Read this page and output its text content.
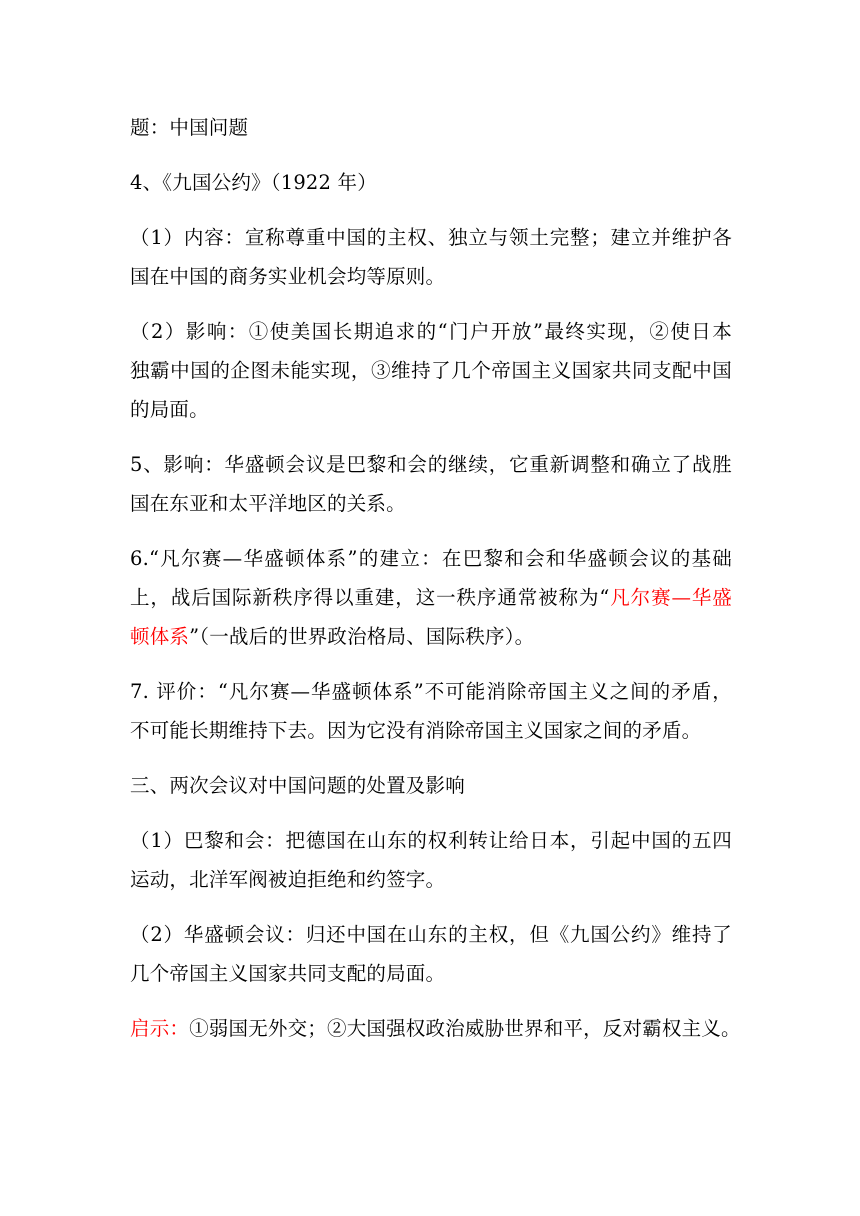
题：中国问题
4、《九国公约》（1922 年）
（1）内容：宣称尊重中国的主权、独立与领土完整；建立并维护各
国在中国的商务实业机会均等原则。
（2）影响：①使美国长期追求的“门户开放”最终实现，②使日本
独霸中国的企图未能实现，③维持了几个帝国主义国家共同支配中国
的局面。
5、影响：华盛顿会议是巴黎和会的继续，它重新调整和确立了战胜
国在东亚和太平洋地区的关系。
6.“凡尔赛—华盛顿体系”的建立：在巴黎和会和华盛顿会议的基础
上，战后国际新秩序得以重建，这一秩序通常被称为“凡尔赛—华盛
顿体系”（一战后的世界政治格局、国际秩序）。
7. 评价：“凡尔赛—华盛顿体系”不可能消除帝国主义之间的矛盾，
不可能长期维持下去。因为它没有消除帝国主义国家之间的矛盾。
三、两次会议对中国问题的处置及影响
（1）巴黎和会：把德国在山东的权利转让给日本，引起中国的五四
运动，北洋军阀被迫拒绝和约签字。
（2）华盛顿会议：归还中国在山东的主权，但《九国公约》维持了
几个帝国主义国家共同支配的局面。
启示：①弱国无外交；②大国强权政治威胁世界和平，反对霸权主义。
